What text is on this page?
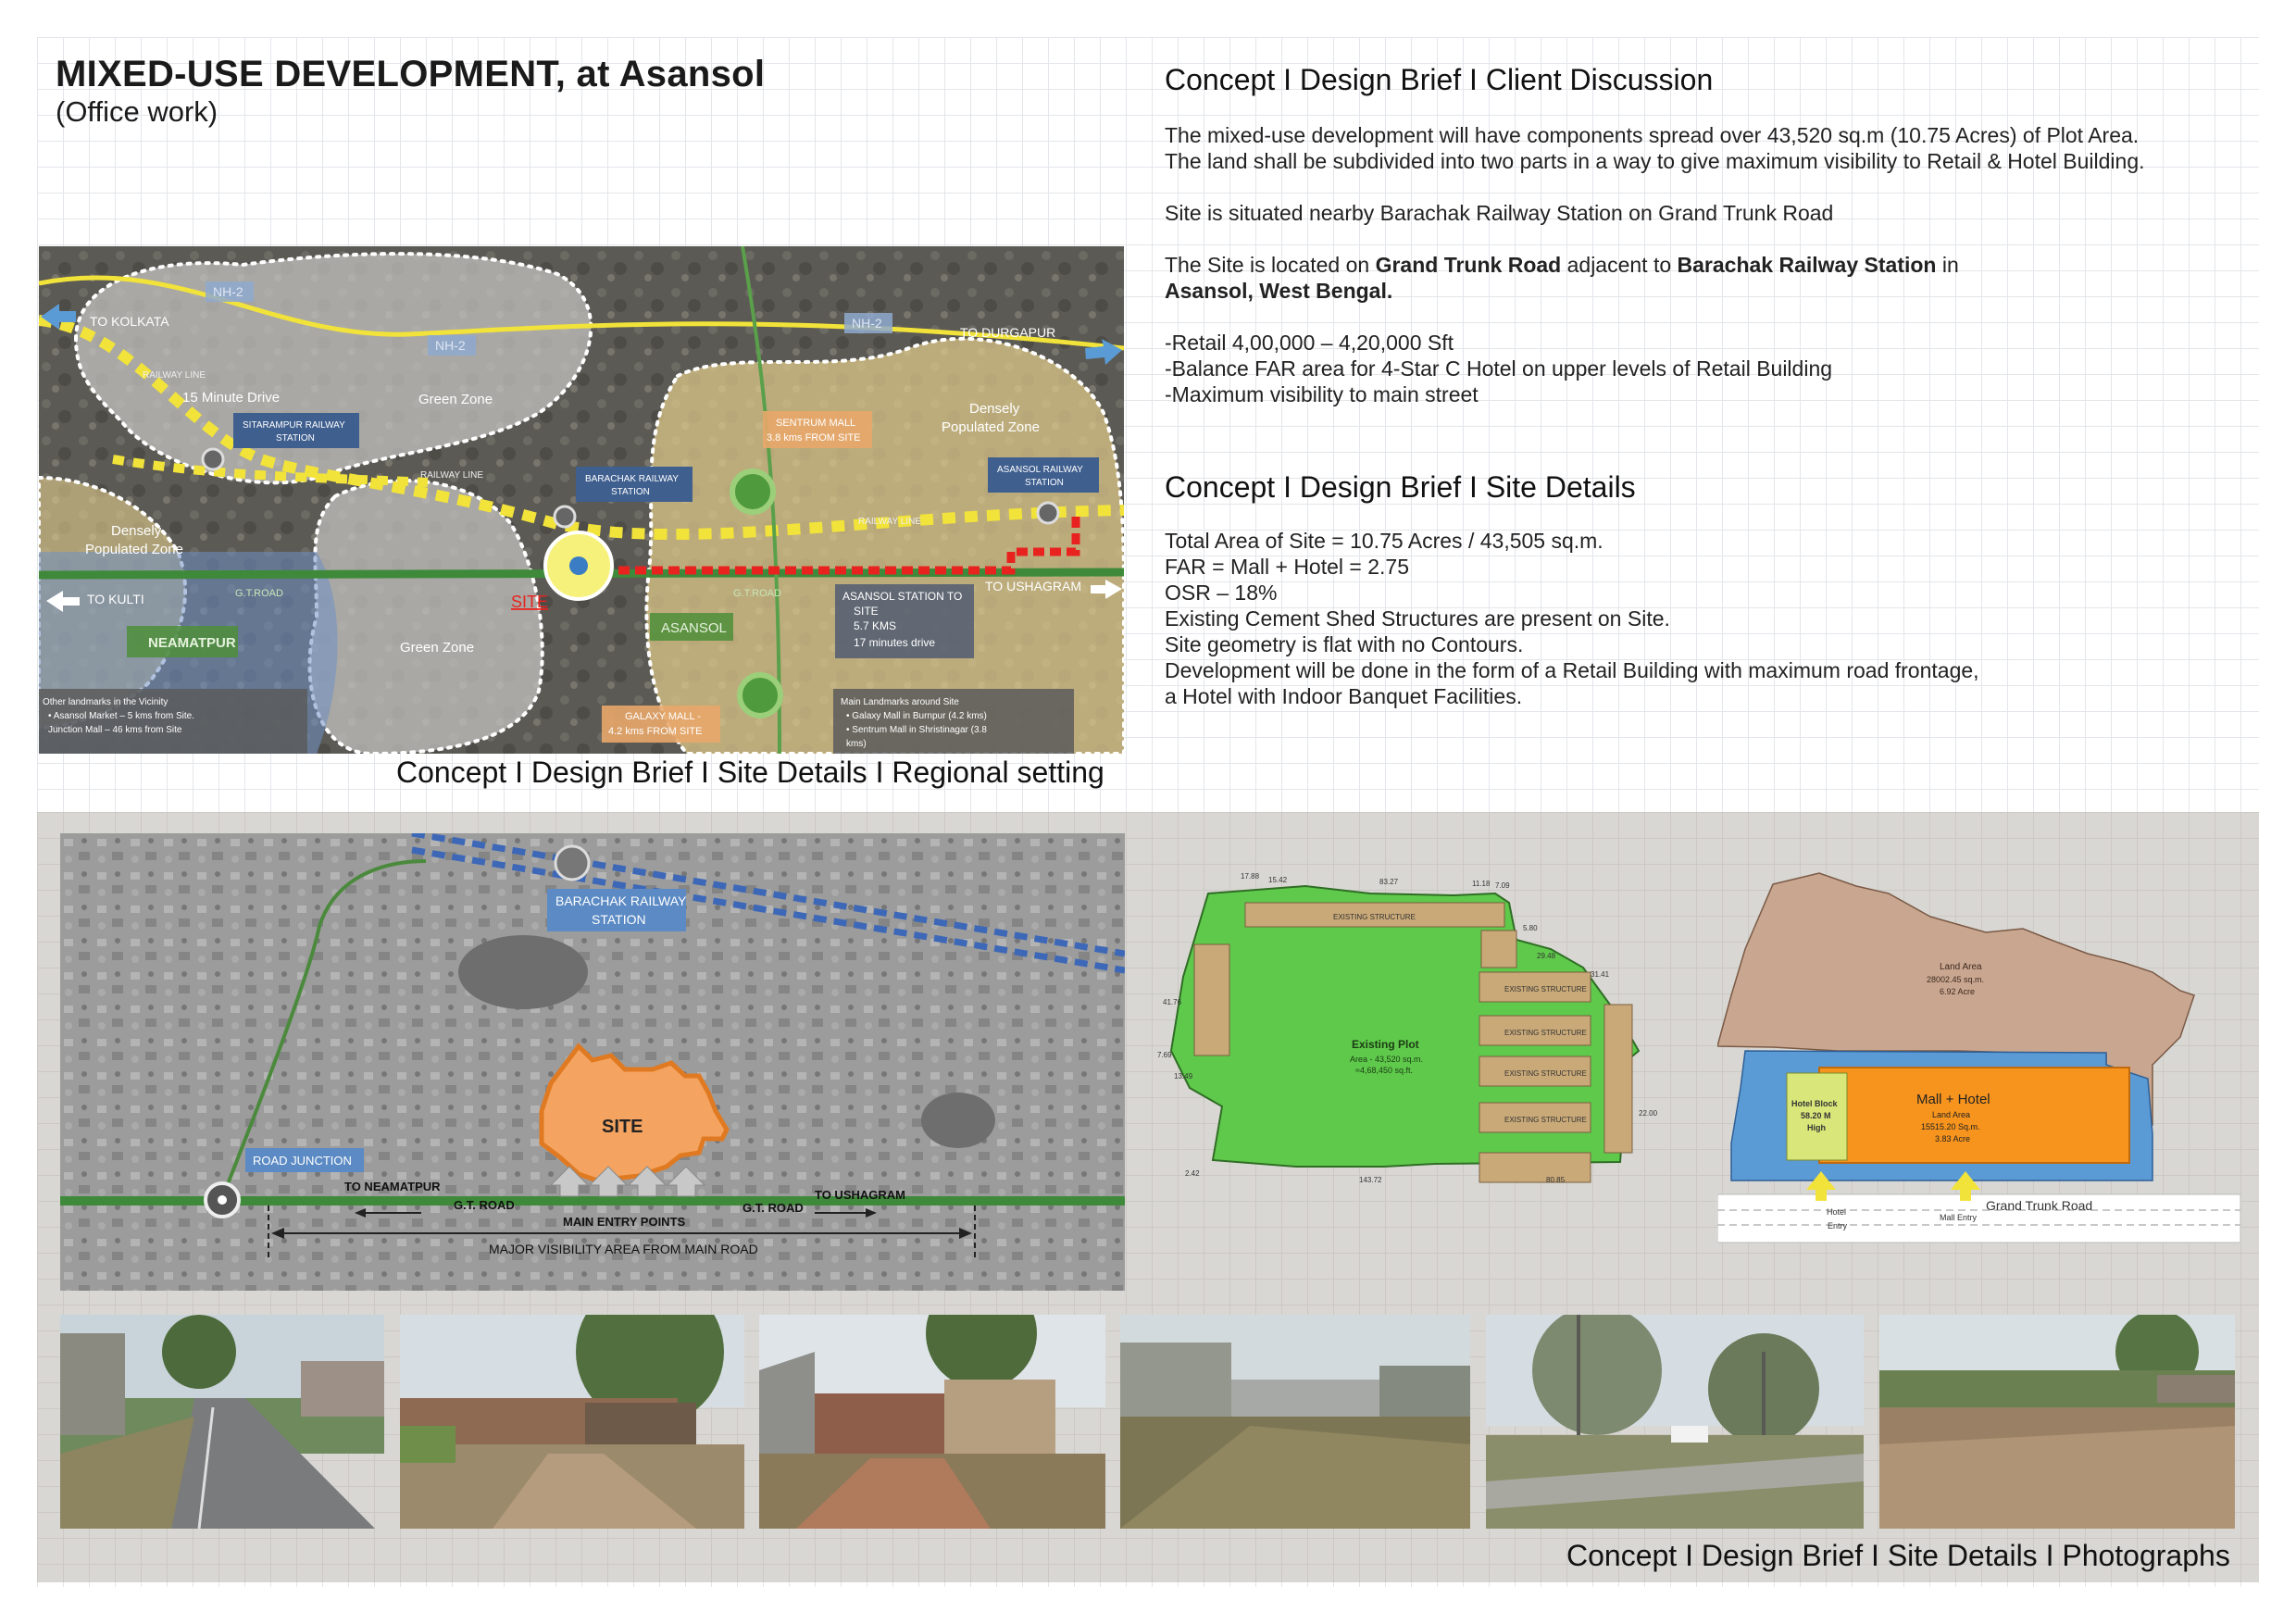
MIXED-USE DEVELOPMENT, at Asansol
(Office work)
Concept I Design Brief I Client Discussion
The mixed-use development will have components spread over 43,520 sq.m (10.75 Acres) of Plot Area.
The land shall be subdivided into two parts in a way to give maximum visibility to Retail & Hotel Building.
Site is situated nearby Barachak Railway Station on Grand Trunk Road
The Site is located on Grand Trunk Road adjacent to Barachak Railway Station in
Asansol, West Bengal.
-Retail 4,00,000 – 4,20,000 Sft
-Balance FAR area for 4-Star C Hotel on upper levels of Retail Building
-Maximum visibility to main street
Concept I Design Brief I Site Details
Total Area of Site = 10.75 Acres / 43,505 sq.m.
FAR = Mall + Hotel = 2.75
OSR – 18%
Existing Cement Shed Structures are present on Site.
Site geometry is flat with no Contours.
Development will be done in the form of a Retail Building with maximum road frontage,
a Hotel with Indoor Banquet Facilities.
TO KOLKATA
TO DURGAPUR
TO KULTI
TO USHAGRAM
NH-2
NH-2
NH-2
RAILWAY LINE
RAILWAY LINE
RAILWAY LINE
15 Minute Drive	Green Zone
Green Zone
Densely
Populated Zone
Densely
Populated Zone
SITARAMPUR RAILWAY
STATION
BARACHAK RAILWAY
STATION
ASANSOL RAILWAY
STATION
SENTRUM MALL
3.8 kms FROM SITE
G.T.ROAD	G.T.ROAD
SITE
NEAMATPUR
ASANSOL
ASANSOL STATION TO
SITE
5.7 KMS
17 minutes drive
GALAXY MALL -
4.2 kms FROM SITE
Other landmarks in the Vicinity
• Asansol Market – 5 kms from Site.
Junction Mall – 46 kms from Site
Main Landmarks around Site
• Galaxy Mall in Burnpur (4.2 kms)
• Sentrum Mall in Shristinagar (3.8
kms)
Concept I Design Brief I Site Details I Regional setting
BARACHAK RAILWAY
STATION
ROAD JUNCTION
SITE
TO NEAMATPUR
G.T. ROAD	G.T. ROAD
TO USHAGRAM
MAIN ENTRY POINTS
MAJOR VISIBILITY AREA FROM MAIN ROAD
EXISTING STRUCTURE
EXISTING STRUCTURE
EXISTING STRUCTURE
EXISTING STRUCTURE
EXISTING STRUCTURE
Existing Plot
Area - 43,520 sq.m.
≈4,68,450 sq.ft.
83.27
15.42
17.88
5.80
29.48
31.41
22.00
80.85
143.72
2.42
7.69
13.49
41.76
11.18 7.09
Land Area
28002.45 sq.m.
6.92 Acre
Hotel Block
58.20 M
High
Mall + Hotel
Land Area
15515.20 Sq.m.
3.83 Acre
Grand Trunk Road
Hotel
Entry
Mall Entry
Concept I Design Brief I Site Details I Photographs
